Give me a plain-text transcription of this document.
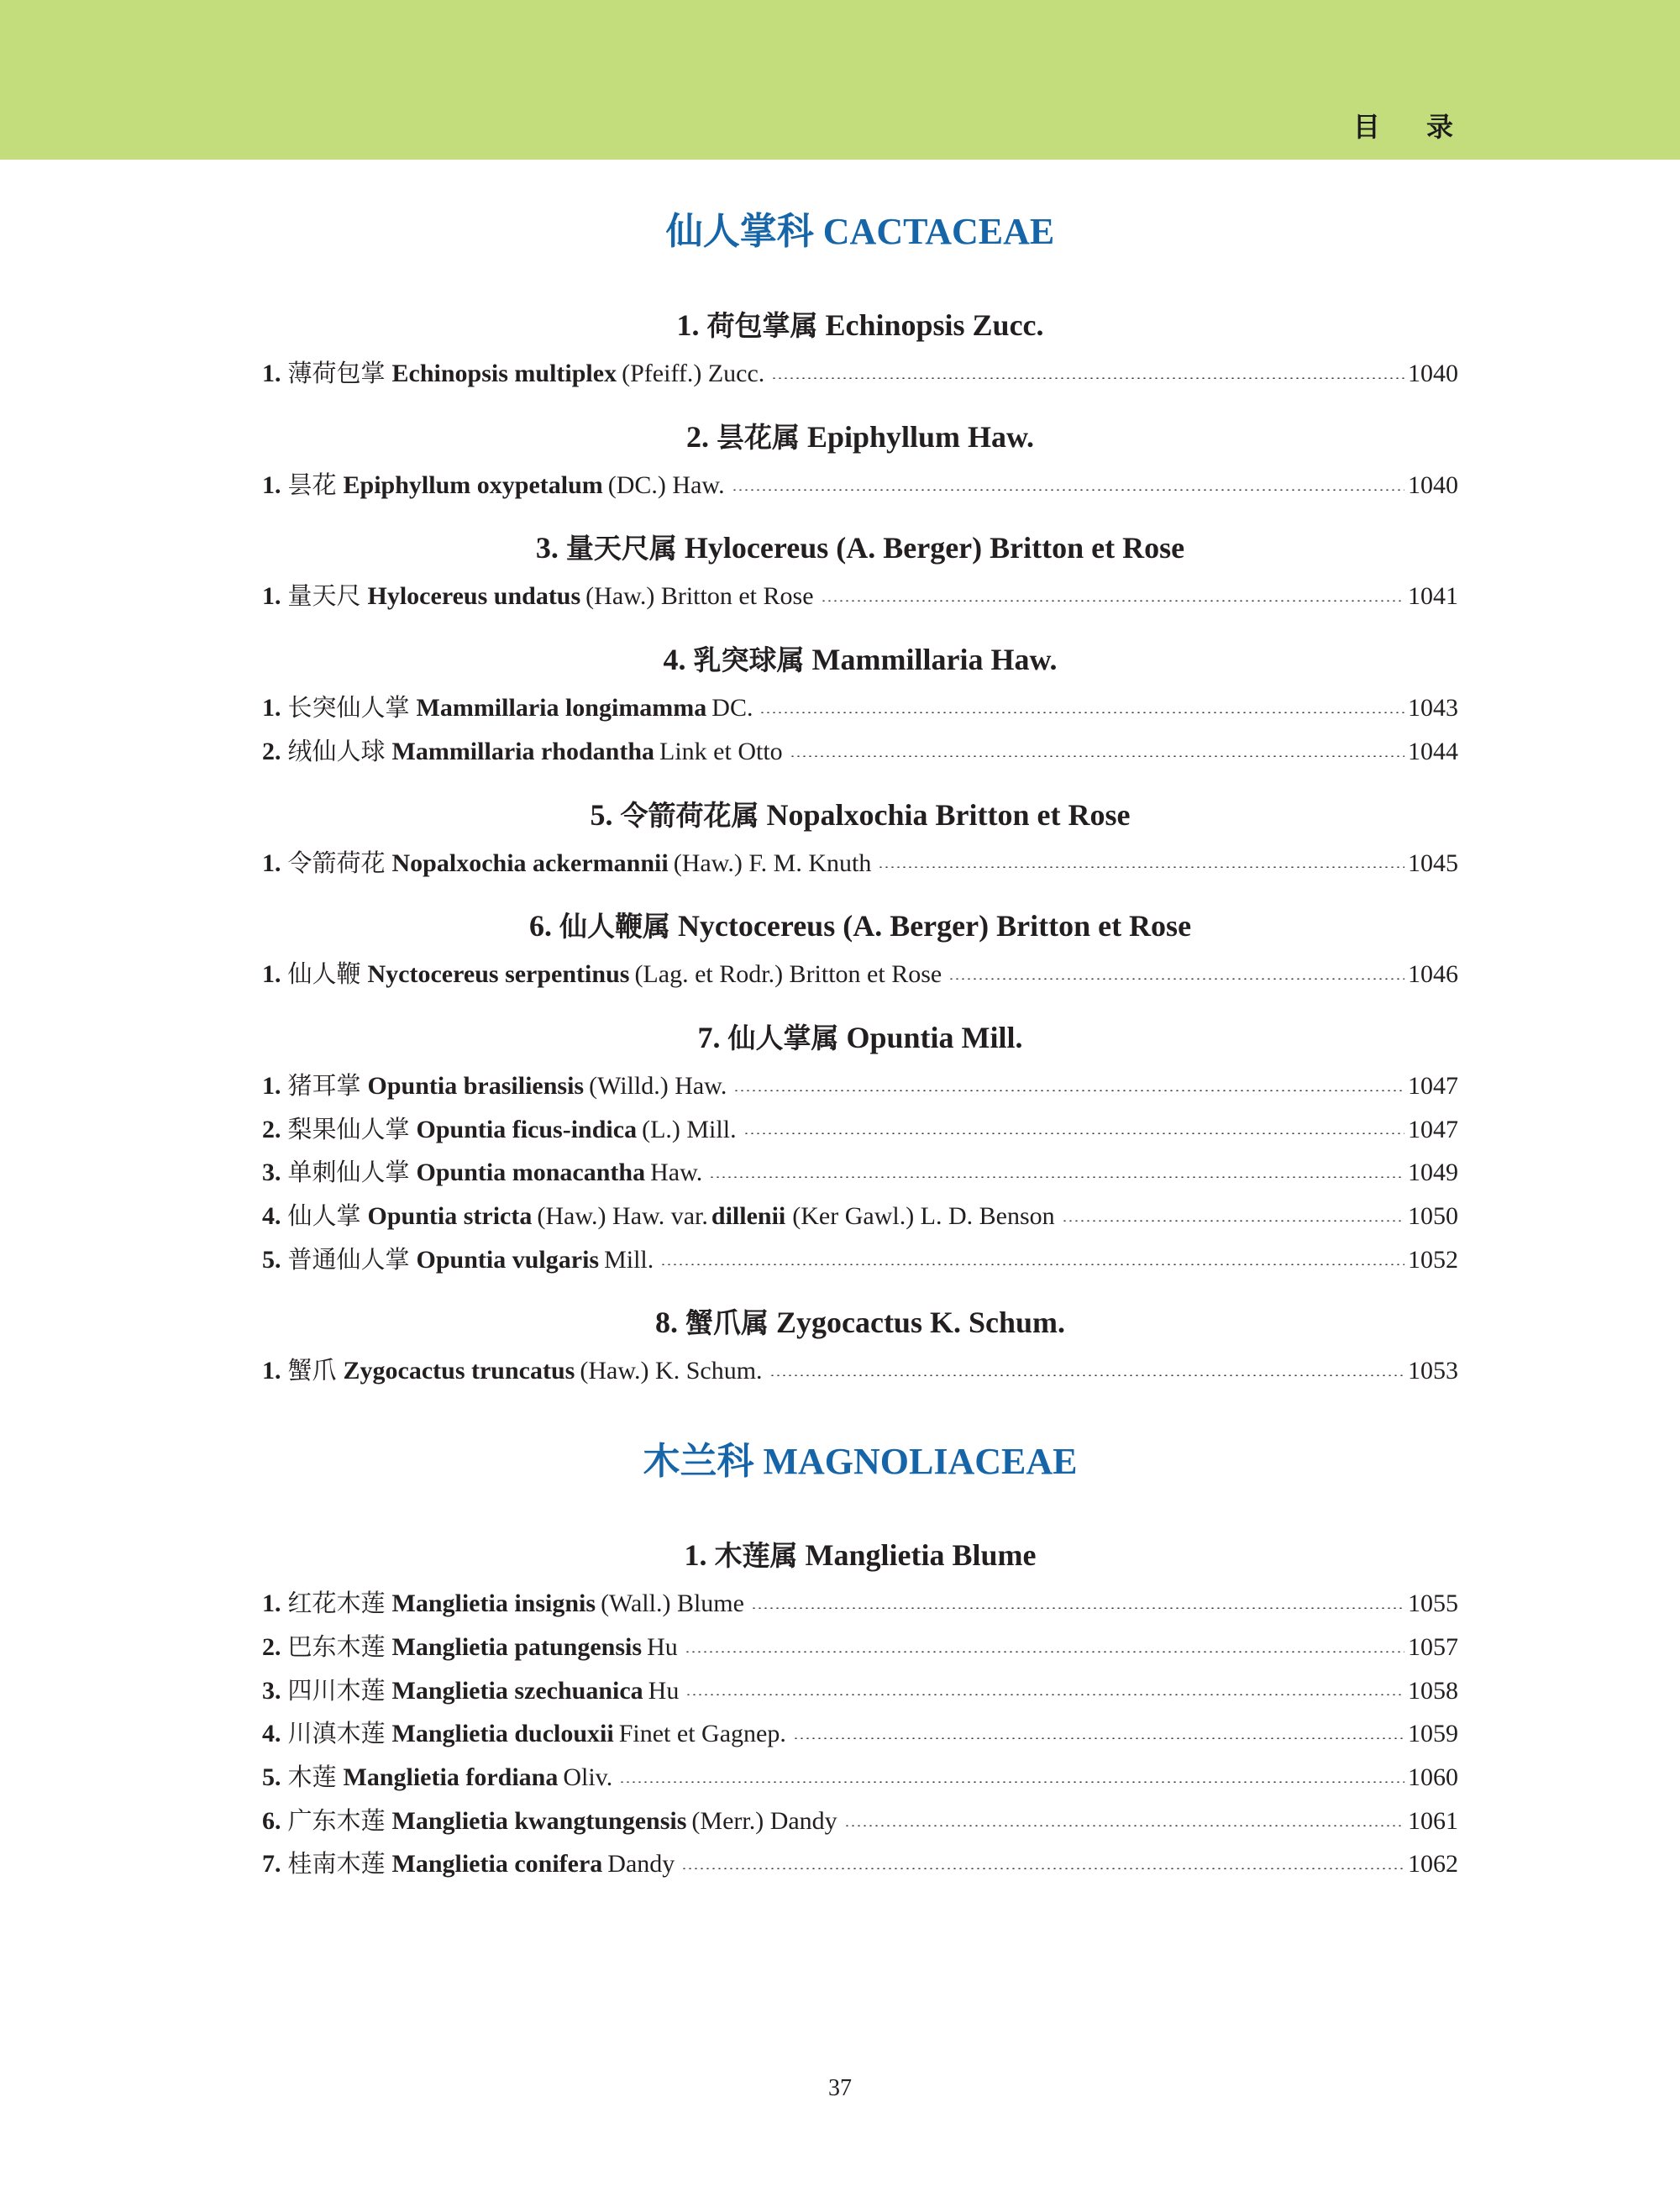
目 录
仙人掌科 CACTACEAE
1. 荷包掌属 Echinopsis Zucc.
1. 薄荷包掌 Echinopsis multiplex (Pfeiff.) Zucc.	1040
2. 昙花属 Epiphyllum Haw.
1. 昙花 Epiphyllum oxypetalum (DC.) Haw.	1040
3. 量天尺属 Hylocereus (A. Berger) Britton et Rose
1. 量天尺 Hylocereus undatus (Haw.) Britton et Rose	1041
4. 乳突球属 Mammillaria Haw.
1. 长突仙人掌 Mammillaria longimamma DC.	1043
2. 绒仙人球 Mammillaria rhodantha Link et Otto	1044
5. 令箭荷花属 Nopalxochia Britton et Rose
1. 令箭荷花 Nopalxochia ackermannii (Haw.) F. M. Knuth	1045
6. 仙人鞭属 Nyctocereus (A. Berger) Britton et Rose
1. 仙人鞭 Nyctocereus serpentinus (Lag. et Rodr.) Britton et Rose	1046
7. 仙人掌属 Opuntia Mill.
1. 猪耳掌 Opuntia brasiliensis (Willd.) Haw.	1047
2. 梨果仙人掌 Opuntia ficus-indica (L.) Mill.	1047
3. 单刺仙人掌 Opuntia monacantha Haw.	1049
4. 仙人掌 Opuntia stricta (Haw.) Haw. var. dillenii (Ker Gawl.) L. D. Benson	1050
5. 普通仙人掌 Opuntia vulgaris Mill.	1052
8. 蟹爪属 Zygocactus K. Schum.
1. 蟹爪 Zygocactus truncatus (Haw.) K. Schum.	1053
木兰科 MAGNOLIACEAE
1. 木莲属 Manglietia Blume
1. 红花木莲 Manglietia insignis (Wall.) Blume	1055
2. 巴东木莲 Manglietia patungensis Hu	1057
3. 四川木莲 Manglietia szechuanica Hu	1058
4. 川滇木莲 Manglietia duclouxii Finet et Gagnep.	1059
5. 木莲 Manglietia fordiana Oliv.	1060
6. 广东木莲 Manglietia kwangtungensis (Merr.) Dandy	1061
7. 桂南木莲 Manglietia conifera Dandy	1062
37
